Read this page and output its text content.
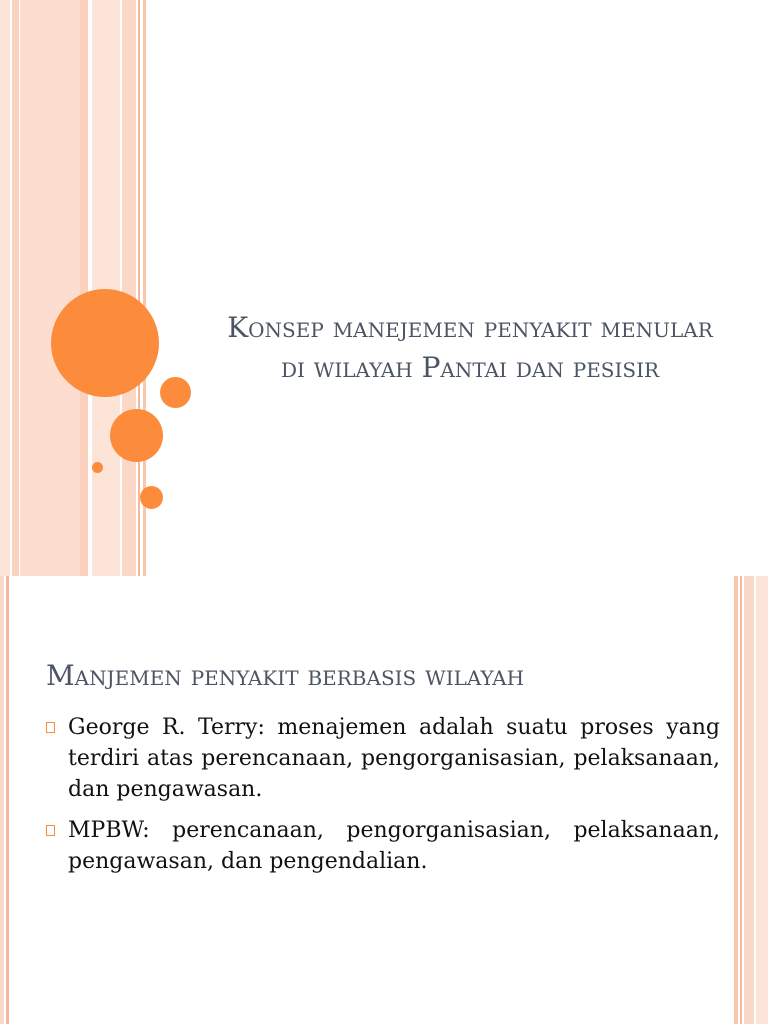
Konsep manejemen penyakit menular di wilayah Pantai dan pesisir
Manjemen penyakit berbasis wilayah
George R. Terry: menajemen adalah suatu proses yang terdiri atas perencanaan, pengorganisasian, pelaksanaan, dan pengawasan.
MPBW: perencanaan, pengorganisasian, pelaksanaan, pengawasan, dan pengendalian.
